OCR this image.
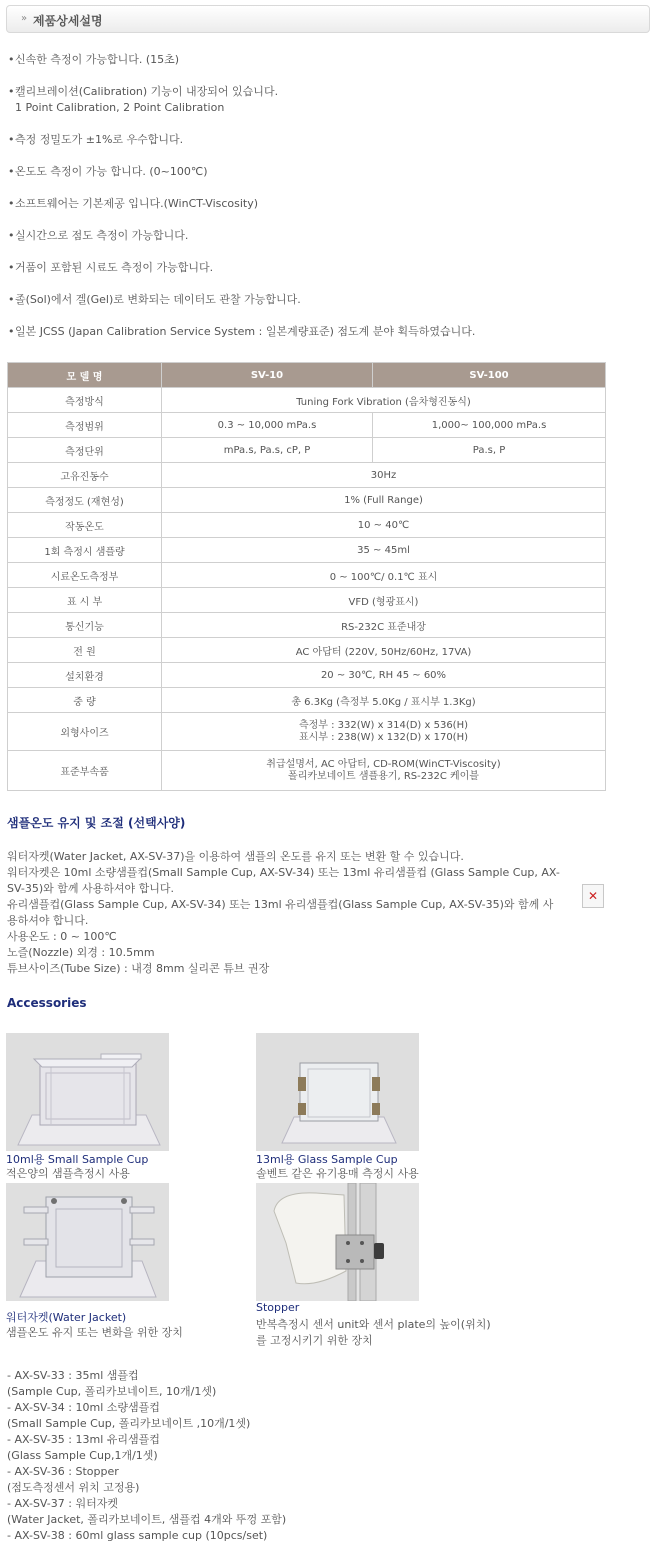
» 제품상세설명
•신속한 측정이 가능합니다. (15초)
•캘리브레이션(Calibration) 기능이 내장되어 있습니다.
1 Point Calibration, 2 Point Calibration
•측정 정밀도가 ±1%로 우수합니다.
•온도도 측정이 가능 합니다. (0~100℃)
•소프트웨어는 기본제공 입니다.(WinCT-Viscosity)
•실시간으로 점도 측정이 가능합니다.
•거품이 포함된 시료도 측정이 가능합니다.
•졸(Sol)에서 겔(Gel)로 변화되는 데이터도 관찰 가능합니다.
•일본 JCSS (Japan Calibration Service System : 일본계량표준) 점도계 분야 획득하였습니다.
모 델 명	SV-10	SV-100
측정방식	Tuning Fork Vibration (음차형진동식)	
측정범위	0.3 ~ 10,000 mPa.s	1,000~ 100,000 mPa.s
측정단위	mPa.s, Pa.s, cP, P	Pa.s, P
고유진동수	30Hz	
측정정도 (재현성)	1% (Full Range)	
작동온도	10 ~ 40℃	
1회 측정시 샘플량	35 ~ 45ml	
시료온도측정부	0 ~ 100℃/ 0.1℃ 표시	
표 시 부	VFD (형광표시)	
통신기능	RS-232C 표준내장	
전 원	AC 아답터 (220V, 50Hz/60Hz, 17VA)	
설치환경	20 ~ 30℃, RH 45 ~ 60%	
중 량	총 6.3Kg (측정부 5.0Kg / 표시부 1.3Kg)	
외형사이즈	측정부 : 332(W) x 314(D) x 536(H)
표시부 : 238(W) x 132(D) x 170(H)	
표준부속품	취급설명서, AC 아답터, CD-ROM(WinCT-Viscosity)
폴리카보네이트 샘플용기, RS-232C 케이블	
샘플온도 유지 및 조절 (선택사양)
워터자켓(Water Jacket, AX-SV-37)을 이용하여 샘플의 온도를 유지 또는 변환 할 수 있습니다.
워터자켓은 10ml 소량샘플컵(Small Sample Cup, AX-SV-34) 또는 13ml 유리샘플컵 (Glass Sample Cup, AX-
SV-35)와 함께 사용하셔야 합니다.
유리샘플컵(Glass Sample Cup, AX-SV-34) 또는 13ml 유리샘플컵(Glass Sample Cup, AX-SV-35)와 함께 사
용하셔야 합니다.
사용온도 : 0 ~ 100℃
노즐(Nozzle) 외경 : 10.5mm
튜브사이즈(Tube Size) : 내경 8mm 실리콘 튜브 권장
✕
Accessories
10ml용 Small Sample Cup
적은양의 샘플측정시 사용
13ml용 Glass Sample Cup
솔벤트 같은 유기용매 측정시 사용
워터자켓(Water Jacket)
샘플온도 유지 또는 변화을 위한 장치
Stopper
반복측정시 센서 unit와 센서 plate의 높이(위치)
를 고정시키기 위한 장치
- AX-SV-33 : 35ml 샘플컵
(Sample Cup, 폴리카보네이트, 10개/1셋)
- AX-SV-34 : 10ml 소량샘플컵
(Small Sample Cup, 폴리카보네이트 ,10개/1셋)
- AX-SV-35 : 13ml 유리샘플컵
(Glass Sample Cup,1개/1셋)
- AX-SV-36 : Stopper
(점도측정센서 위치 고정용)
- AX-SV-37 : 워터자켓
(Water Jacket, 폴리카보네이트, 샘플컵 4개와 뚜껑 포함)
- AX-SV-38 : 60ml glass sample cup (10pcs/set)
